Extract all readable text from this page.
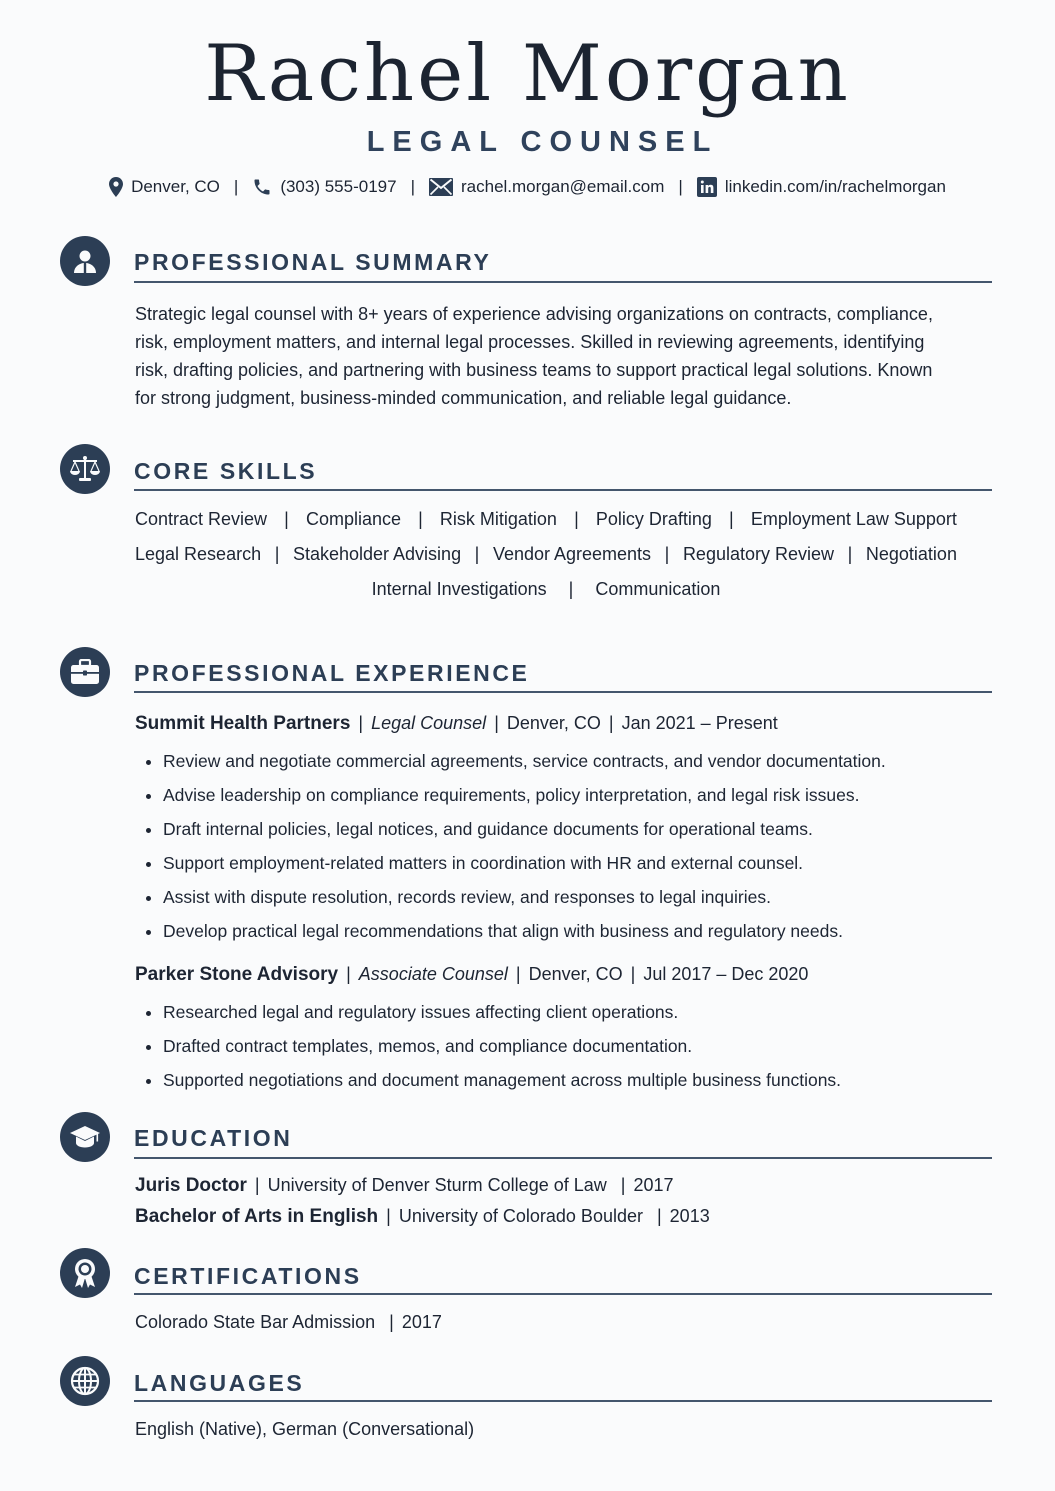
Rachel Morgan
LEGAL COUNSEL
Denver, CO | (303) 555-0197 |	rachel.morgan@email.com | linkedin.com/in/rachelmorgan
PROFESSIONAL SUMMARY
Strategic legal counsel with 8+ years of experience advising organizations on contracts, compliance,
risk, employment matters, and internal legal processes. Skilled in reviewing agreements, identifying
risk, drafting policies, and partnering with business teams to support practical legal solutions. Known
for strong judgment, business-minded communication, and reliable legal guidance.
CORE SKILLS
Contract Review | Compliance | Risk Mitigation | Policy Drafting | Employment Law Support
Legal Research | Stakeholder Advising | Vendor Agreements | Regulatory Review | Negotiation
Internal Investigations | Communication
PROFESSIONAL EXPERIENCE
Summit Health Partners | Legal Counsel | Denver, CO | Jan 2021 – Present
• Review and negotiate commercial agreements, service contracts, and vendor documentation.
• Advise leadership on compliance requirements, policy interpretation, and legal risk issues.
• Draft internal policies, legal notices, and guidance documents for operational teams.
• Support employment-related matters in coordination with HR and external counsel.
• Assist with dispute resolution, records review, and responses to legal inquiries.
• Develop practical legal recommendations that align with business and regulatory needs.
Parker Stone Advisory | Associate Counsel | Denver, CO | Jul 2017 – Dec 2020
• Researched legal and regulatory issues affecting client operations.
• Drafted contract templates, memos, and compliance documentation.
• Supported negotiations and document management across multiple business functions.
EDUCATION
Juris Doctor | University of Denver Sturm College of Law | 2017
Bachelor of Arts in English | University of Colorado Boulder | 2013
CERTIFICATIONS
Colorado State Bar Admission | 2017
LANGUAGES
English (Native), German (Conversational)
